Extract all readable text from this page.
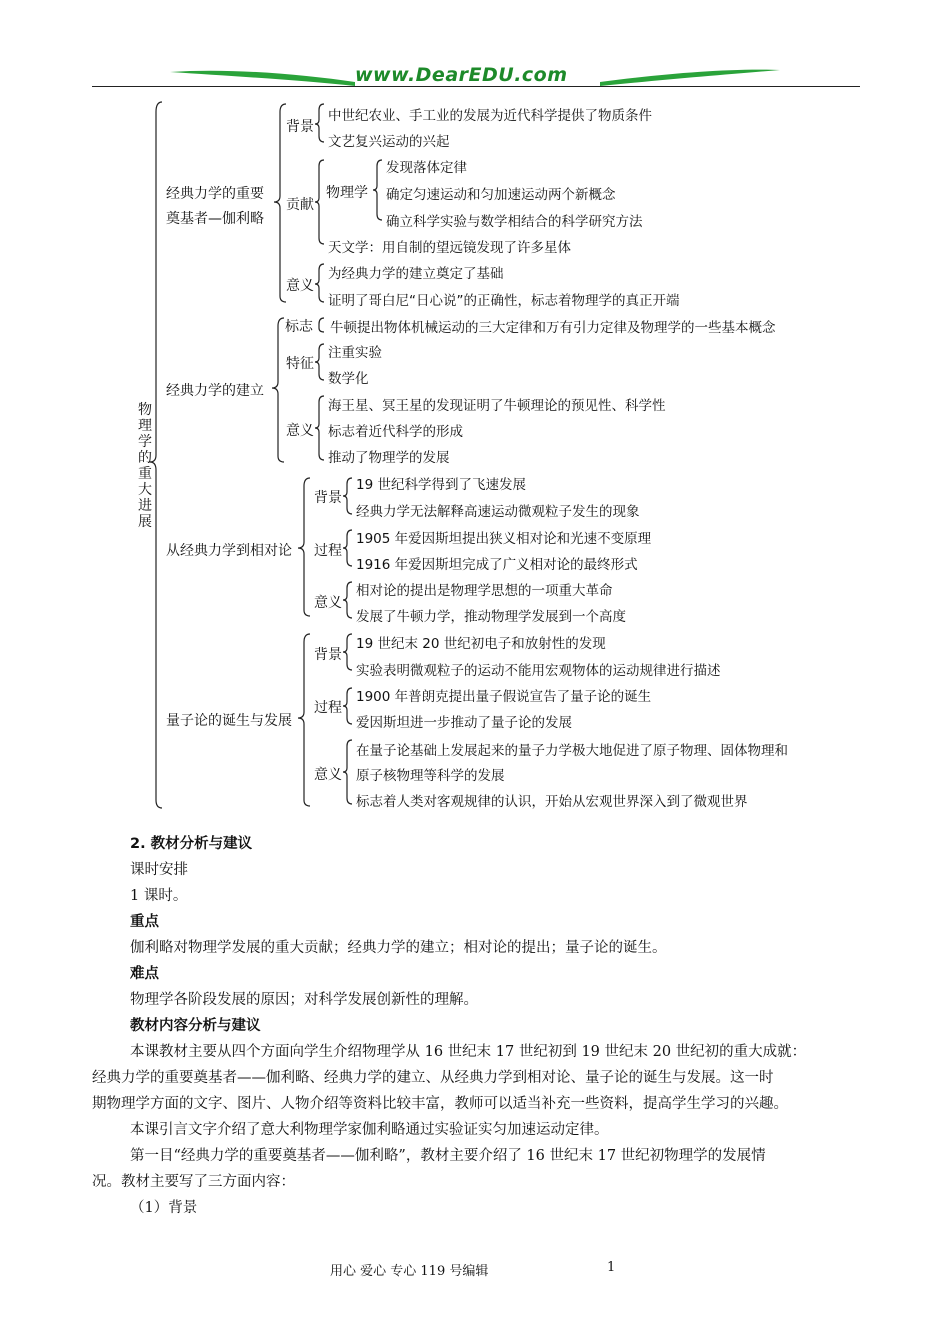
www.DearEDU.com
物理学的重大进展
经典力学的重要
奠基者—伽利略
背景
中世纪农业、手工业的发展为近代科学提供了物质条件
文艺复兴运动的兴起
贡献
物理学
发现落体定律
确定匀速运动和匀加速运动两个新概念
确立科学实验与数学相结合的科学研究方法
天文学：用自制的望远镜发现了许多星体
意义
为经典力学的建立奠定了基础
证明了哥白尼“日心说”的正确性，标志着物理学的真正开端
经典力学的建立
标志 牛顿提出物体机械运动的三大定律和万有引力定律及物理学的一些基本概念
特征
注重实验
数学化
意义
海王星、冥王星的发现证明了牛顿理论的预见性、科学性
标志着近代科学的形成
推动了物理学的发展
从经典力学到相对论
背景
19 世纪科学得到了飞速发展
经典力学无法解释高速运动微观粒子发生的现象
过程
1905 年爱因斯坦提出狭义相对论和光速不变原理
1916 年爱因斯坦完成了广义相对论的最终形式
意义
相对论的提出是物理学思想的一项重大革命
发展了牛顿力学，推动物理学发展到一个高度
量子论的诞生与发展
背景
19 世纪末 20 世纪初电子和放射性的发现
实验表明微观粒子的运动不能用宏观物体的运动规律进行描述
过程
1900 年普朗克提出量子假说宣告了量子论的诞生
爱因斯坦进一步推动了量子论的发展
意义
在量子论基础上发展起来的量子力学极大地促进了原子物理、固体物理和
原子核物理等科学的发展
标志着人类对客观规律的认识，开始从宏观世界深入到了微观世界
2. 教材分析与建议
课时安排
1 课时。
重点
伽利略对物理学发展的重大贡献；经典力学的建立；相对论的提出；量子论的诞生。
难点
物理学各阶段发展的原因；对科学发展创新性的理解。
教材内容分析与建议
本课教材主要从四个方面向学生介绍物理学从 16 世纪末 17 世纪初到 19 世纪末 20 世纪初的重大成就：
经典力学的重要奠基者——伽利略、经典力学的建立、从经典力学到相对论、量子论的诞生与发展。这一时
期物理学方面的文字、图片、人物介绍等资料比较丰富，教师可以适当补充一些资料，提高学生学习的兴趣。
本课引言文字介绍了意大利物理学家伽利略通过实验证实匀加速运动定律。
第一目“经典力学的重要奠基者——伽利略”，教材主要介绍了 16 世纪末 17 世纪初物理学的发展情
况。教材主要写了三方面内容：
（1）背景
用心 爱心 专心 119 号编辑	1
